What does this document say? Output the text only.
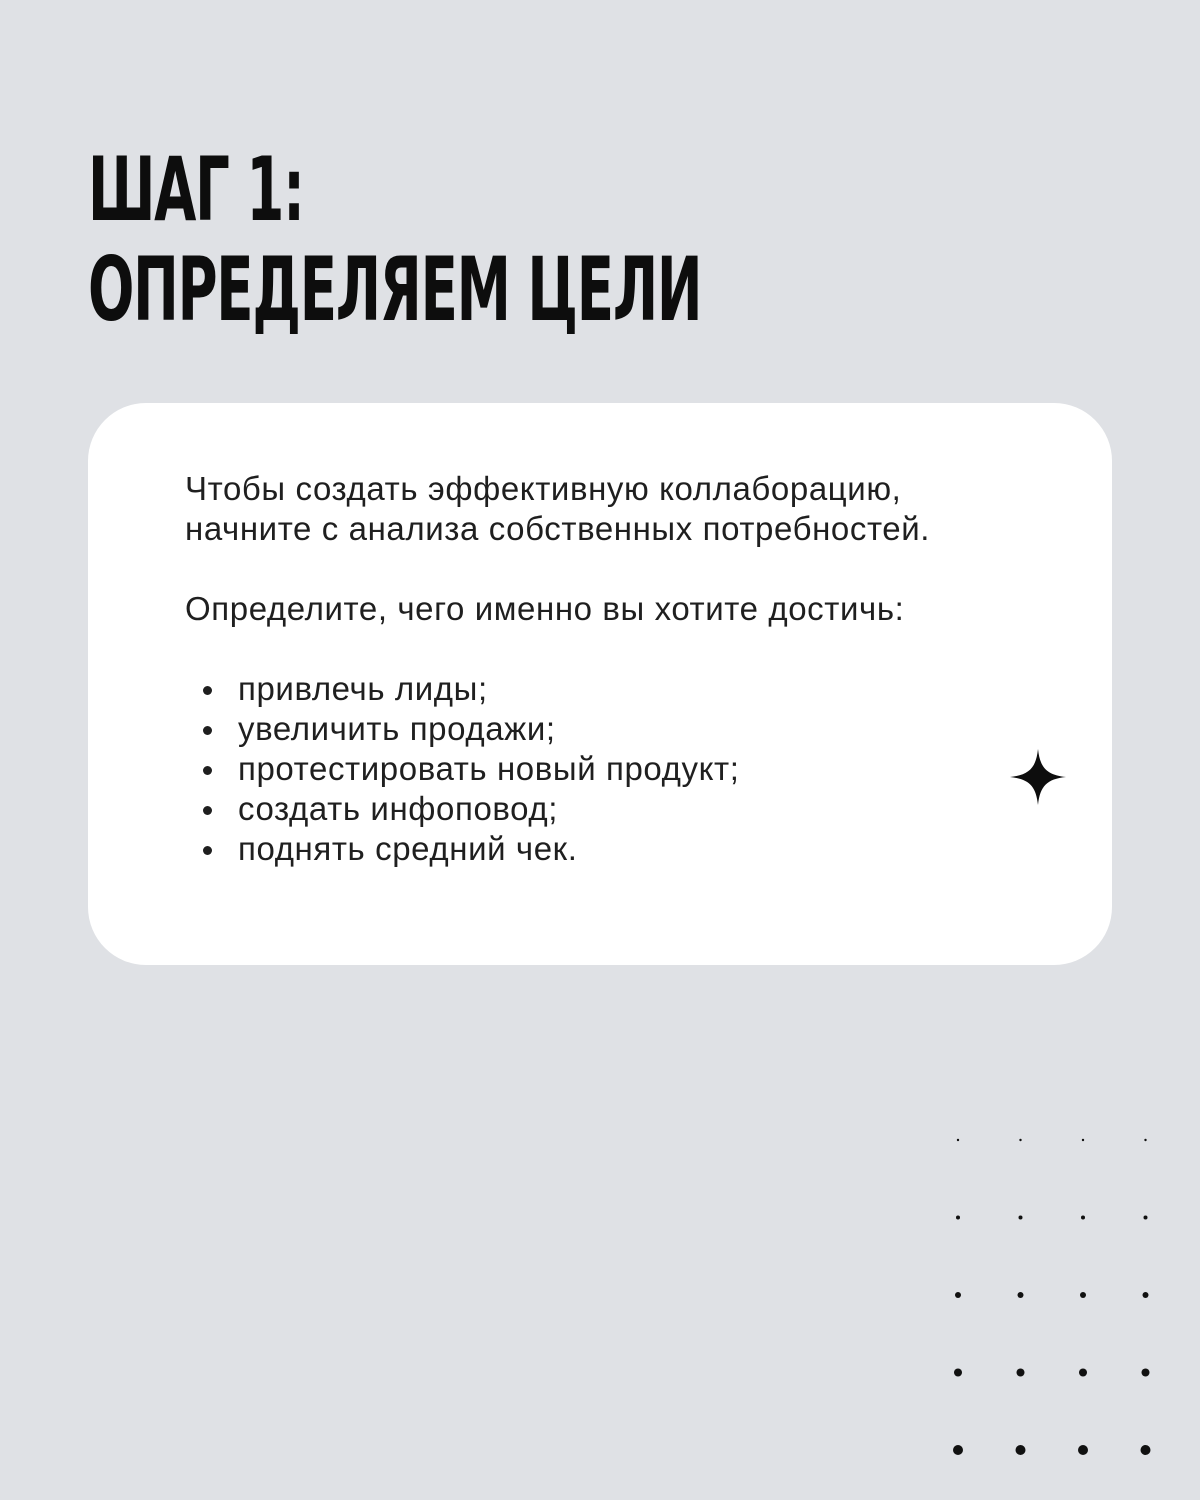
ШАГ 1:
ОПРЕДЕЛЯЕМ ЦЕЛИ

Чтобы создать эффективную коллаборацию, начните с анализа собственных потребностей.

Определите, чего именно вы хотите достичь:

привлечь лиды;
увеличить продажи;
протестировать новый продукт;
создать инфоповод;
поднять средний чек.
